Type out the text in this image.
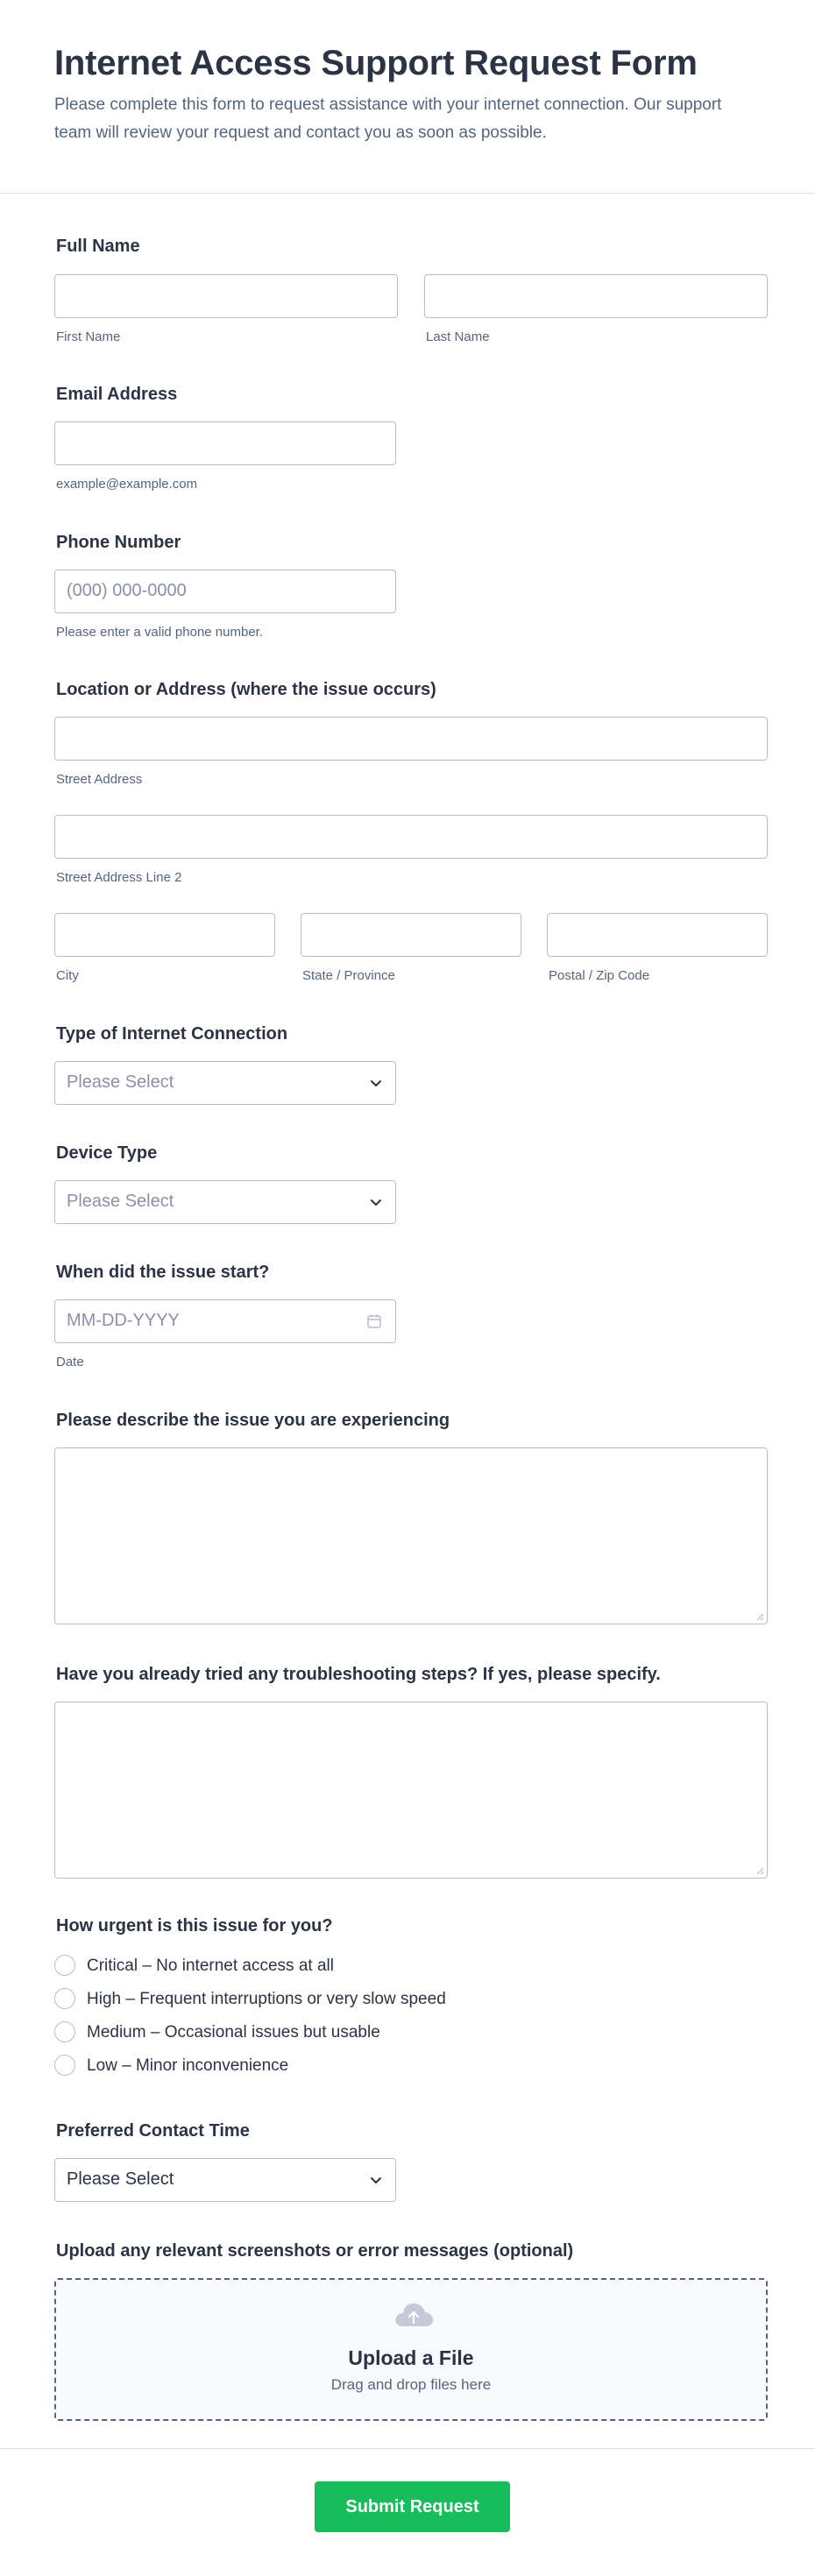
Internet Access Support Request Form

Please complete this form to request assistance with your internet connection. Our support team will review your request and contact you as soon as possible.

Full Name
First Name	Last Name
Email Address
example@example.com
Phone Number
(000) 000-0000
Please enter a valid phone number.
Location or Address (where the issue occurs)
Street Address
Street Address Line 2
City	State / Province	Postal / Zip Code
Type of Internet Connection
Please Select
Device Type
Please Select
When did the issue start?
MM-DD-YYYY
Date
Please describe the issue you are experiencing
Have you already tried any troubleshooting steps? If yes, please specify.
How urgent is this issue for you?
Critical – No internet access at all
High – Frequent interruptions or very slow speed
Medium – Occasional issues but usable
Low – Minor inconvenience
Preferred Contact Time
Please Select
Upload any relevant screenshots or error messages (optional)
Upload a File
Drag and drop files here
Submit Request
